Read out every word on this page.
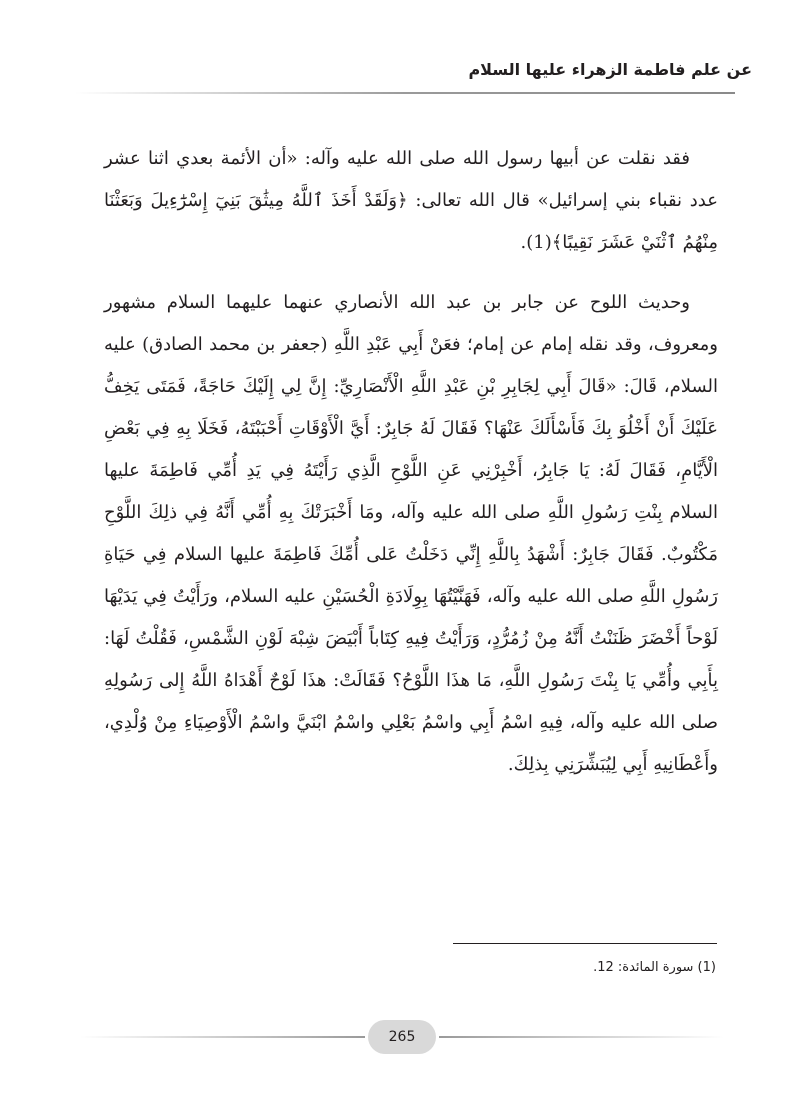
عن علم فاطمة الزهراء عليها السلام

فقد نقلت عن أبيها رسول الله صلى الله عليه وآله: «أن الأئمة بعدي اثنا عشر عدد نقباء بني إسرائيل» قال الله تعالى: ﴿وَلَقَدْ أَخَذَ ٱللَّهُ مِيثَٰقَ بَنِيٓ إِسْرَٰٓءِيلَ وَبَعَثْنَا مِنْهُمُ ٱثْنَيْ عَشَرَ نَقِيبًا﴾(1).

وحديث اللوح عن جابر بن عبد الله الأنصاري عنهما عليهما السلام مشهور ومعروف، وقد نقله إمام عن إمام؛ فعَنْ أَبِي عَبْدِ اللَّهِ (جعفر بن محمد الصادق) عليه السلام، قَالَ: «قَالَ أَبِي لِجَابِرِ بْنِ عَبْدِ اللَّهِ الْأَنْصَارِيِّ: إِنَّ لِي إِلَيْكَ حَاجَةً، فَمَتَى يَخِفُّ عَلَيْكَ أَنْ أَخْلُوَ بِكَ فَأَسْأَلَكَ عَنْهَا؟ فَقَالَ لَهُ جَابِرٌ: أَيَّ الْأَوْقَاتِ أَحْبَبْتَهُ، فَخَلَا بِهِ فِي بَعْضِ الْأَيَّامِ، فَقَالَ لَهُ: يَا جَابِرُ، أَخْبِرْنِي عَنِ اللَّوْحِ الَّذِي رَأَيْتَهُ فِي يَدِ أُمِّي فَاطِمَةَ عليها السلام بِنْتِ رَسُولِ اللَّهِ صلى الله عليه وآله، ومَا أَخْبَرَتْكَ بِهِ أُمِّي أَنَّهُ فِي ذلِكَ اللَّوْحِ مَكْتُوبٌ. فَقَالَ جَابِرٌ: أَشْهَدُ بِاللَّهِ إِنِّي دَخَلْتُ عَلى أُمِّكَ فَاطِمَةَ عليها السلام فِي حَيَاةِ رَسُولِ اللَّهِ صلى الله عليه وآله، فَهَنَّيْتُهَا بِوِلَادَةِ الْحُسَيْنِ عليه السلام، ورَأَيْتُ فِي يَدَيْهَا لَوْحاً أَخْضَرَ ظَنَنْتُ أَنَّهُ مِنْ زُمُرُّدٍ، وَرَأَيْتُ فِيهِ كِتَاباً أَبْيَضَ شِبْهَ لَوْنِ الشَّمْسِ، فَقُلْتُ لَهَا: بِأَبِي وأُمِّي يَا بِنْتَ رَسُولِ اللَّهِ، مَا هذَا اللَّوْحُ؟ فَقَالَتْ: هذَا لَوْحٌ أَهْدَاهُ اللَّهُ إِلى رَسُولِهِ صلى الله عليه وآله، فِيهِ اسْمُ أَبِي واسْمُ بَعْلِي واسْمُ ابْنَيَّ واسْمُ الْأَوْصِيَاءِ مِنْ وُلْدِي، وأَعْطَانِيهِ أَبِي لِيُبَشِّرَنِي بِذلِكَ.

(1) سورة المائدة: 12.
265
